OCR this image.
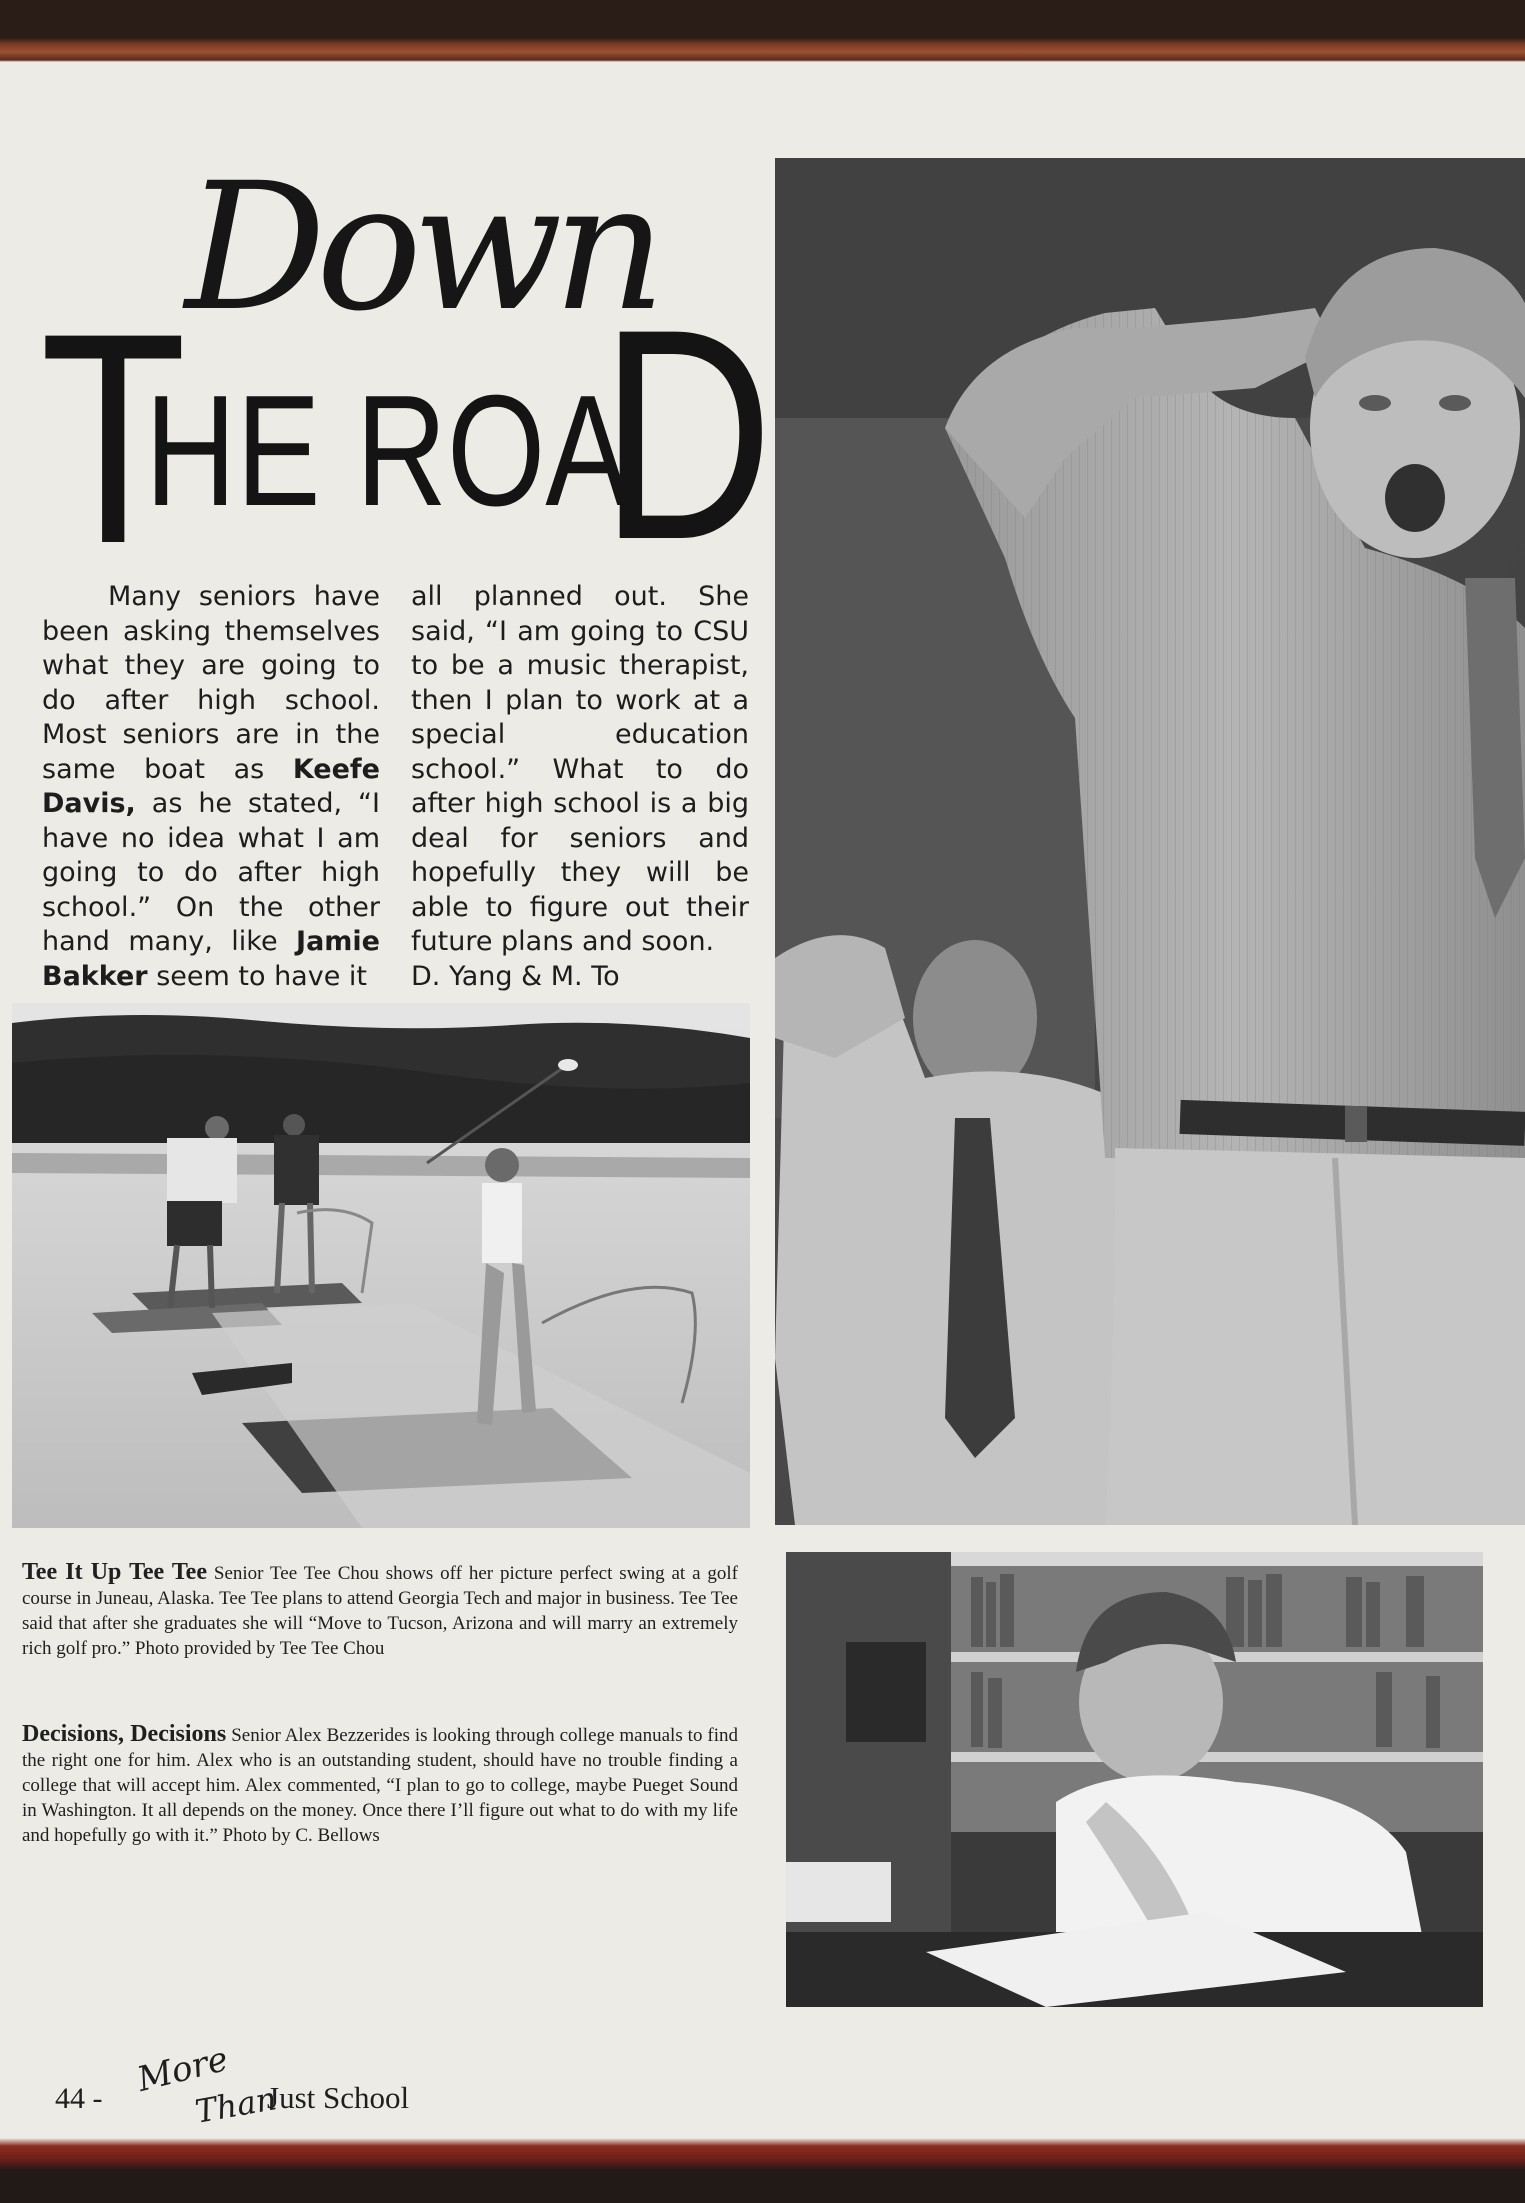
Down
T
HE ROA
D

Many seniors have been asking themselves what they are going to do after high school. Most seniors are in the same boat as Keefe Davis, as he stated, “I have no idea what I am going to do after high school.” On the other hand many, like Jamie Bakker seem to have it

all planned out. She said, “I am going to CSU to be a music therapist, then I plan to work at a special education school.” What to do after high school is a big deal for seniors and hopefully they will be able to figure out their future plans and soon.

D. Yang & M. To

Tee It Up Tee Tee Senior Tee Tee Chou shows off her picture perfect swing at a golf course in Juneau, Alaska. Tee Tee plans to attend Georgia Tech and major in business. Tee Tee said that after she graduates she will “Move to Tucson, Arizona and will marry an extremely rich golf pro.” Photo provided by Tee Tee Chou
Decisions, Decisions Senior Alex Bezzerides is looking through college manuals to find the right one for him. Alex who is an outstanding student, should have no trouble finding a college that will accept him. Alex commented, “I plan to go to college, maybe Pueget Sound in Washington. It all depends on the money. Once there I’ll figure out what to do with my life and hopefully go with it.” Photo by C. Bellows
44 - More
Than
Just School
